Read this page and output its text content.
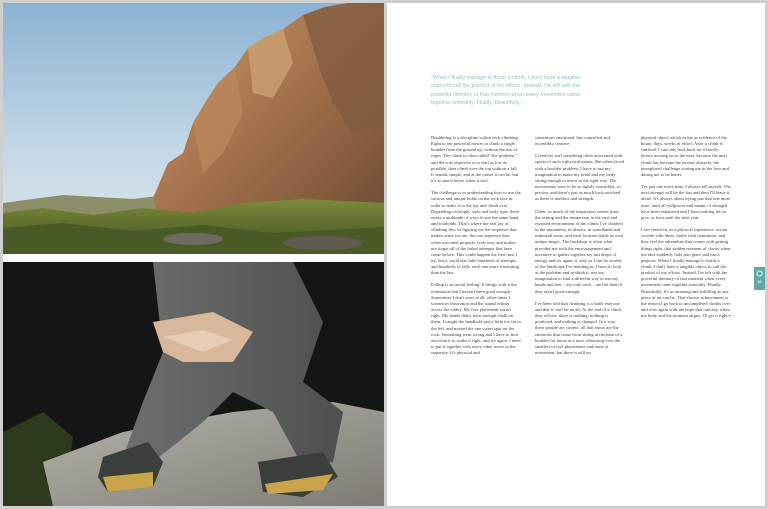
“When I finally manage to finish a climb, I don't have a tangible object to call the product of my efforts. Instead, I'm left with the powerful memory of that moment when every movement came together smoothly. Fluidly. Beautifully.”

Bouldering is a discipline within rock climbing. Eight to ten powerful moves to climb a single boulder from the ground up, without the use of ropes. The climb is often called “the problem,” and the sole objective is to start as low as possible, then climb over the top without a fall. It sounds simple, and at the outset it can be, but it's so much better when it isn't.

The challenge is in understanding how to use the various and unique holds on the rock face in order to make it to the top and climb over. Depending on height, style and body type, there exists a multitude of ways to use the same hand and footholds. That's where the real joy of climbing lies: in figuring out the sequence that makes sense for me; the one sequence that, when executed properly, feels easy and makes me forget all of the failed attempts that have come before. This could happen the first time I try, but it could also take hundreds of attempts and hundreds of falls, each one more frustrating than the last.

Falling is an awful feeling. It brings with it the realisation that I haven't been good enough. Sometimes I don't react at all, other times I scream in frustration and the sound echoes across the valley. My foot placement wasn't right. My hands didn't have enough chalk on them. I caught the handhold just a little too far to the left, and missed the one sweet spot on the rock. Something went wrong and I have to find out what it is, make it right, and try again. I need to put it together with every other move in the sequence. It's physical and

sometimes emotional, but controlled and incredibly creative.

Creativity isn't something often associated with sports of such a physical nature. But when faced with a boulder problem, I have to use my imagination to make my mind and my body strong enough to move in the right way. The movements have to be so tightly controlled, so precise, and there's just as much luck involved as there is intellect and strength.

Often, so much of the inspiration comes from the setting and the immersion in the vast and exposed environment of the climb. I've climbed in the mountains, in deserts, in woodlands and industrial areas, and each location holds its own unique magic. The backdrop is often what provides me with the encouragement and incentive to gather together my last drops of energy and try again, if only so I can be worthy of the landscape I'm standing in. I have to look at the problem and re-think it, use my imagination to find a different way to use my hands and feet – my only tools – and let them if they aren't good enough.

I've been told that climbing is a futile exercise and that it can't be an art. At the end of a climb, they tell me, there is nothing: nothing is produced, and nothing is changed. In a way, these people are correct; all that exists are the emotions that come from sitting at the base of a boulder for hours at a time, obsessing over the smallest of foot placements and turns of movement, but there is still no

physical object which exists as evidence of the hours, days, weeks of effort. After a climb is finished, I can only look back on it briefly before moving on to the next, because the next climb has become the newest obstacle, the unexplored challenge staring me in the face and daring me to be better.

Try just one more time, I always tell myself. The next attempt will be the last and then I'll leave it alone. It's always about trying just that one more time, until all willpower and means of strength have been exhausted and I have nothing left to give, at least until the next visit.

I see creativity as a physical experience: action wrestle with ideas, battle with frustration, and they feel the adrenaline that comes with getting things right, that sudden moment of clarity when the idea suddenly falls into place and has a purpose. When I finally manage to finish a climb, I don't have a tangible object to call the product of my efforts. Instead, I'm left with the powerful memory of that moment when every movement came together smoothly. Fluidly. Beautifully. It's as amazing and fulfilling as any piece of art can be. That elusive achievement is the reason I go back to uncompleted climbs over and over again with the hope that one day, when my body and the moment aligns, I'll get it right.▪

89
